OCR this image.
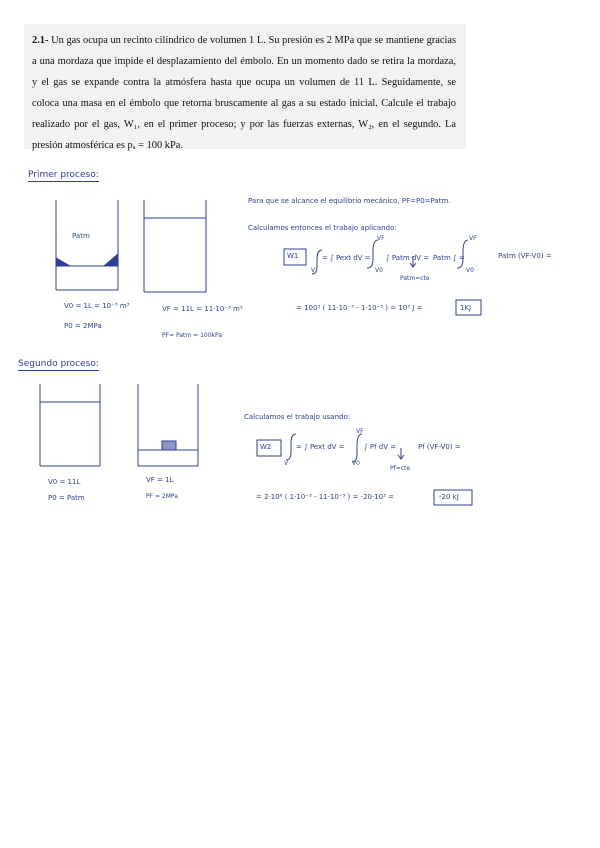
2.1- Un gas ocupa un recinto cilíndrico de volumen 1 L. Su presión es 2 MPa que se mantiene gracias a una mordaza que impide el desplazamiento del émbolo. En un momento dado se retira la mordaza, y el gas se expande contra la atmósfera hasta que ocupa un volumen de 11 L. Seguidamente, se coloca una masa en el émbolo que retorna bruscamente al gas a su estado inicial. Calcule el trabajo realizado por el gas, W₁, en el primer proceso; y por las fuerzas externas, W₂, en el segundo. La presión atmosférica es pₐ = 100 kPa.

Primer proceso:
Patm
V0 = 1L = 10⁻³ m³
P0 = 2MPa
VF = 11L = 11·10⁻³ m³
PF= Patm = 100kPa
Para que se alcance el equilibrio mecánico, PF=P0=Patm.
Calculamos entonces el trabajo aplicando:
W1
V
= ∫ Pext dV =
VF
V0
∫ Patm dV =
Patm=cte
Patm ∫ =
VF
V0
Patm (VF-V0) =
= 100³ ( 11·10⁻³ - 1·10⁻³ ) = 10³ J =	1KJ
Segundo proceso:
V0 = 11L
P0 = Patm
VF = 1L
PF = 2MPa
Calculamos el trabajo usando:
W2
V
= ∫ Pext dV =
VF
V0
∫ Pf dV =
Pf=cte
Pf (VF-V0) =
= 2·10⁶ ( 1·10⁻³ - 11·10⁻³ ) = -20·10³ =	-20 kJ
